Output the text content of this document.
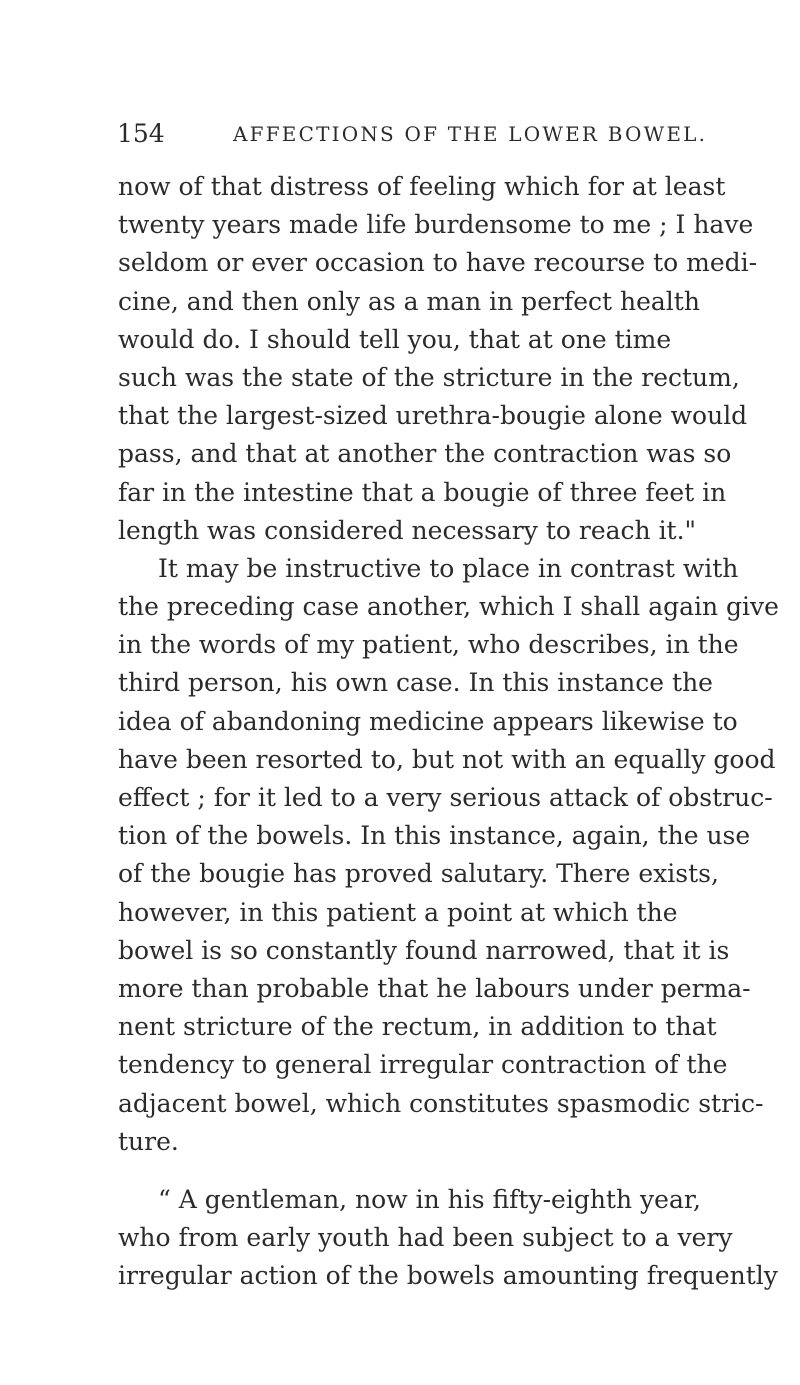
154	AFFECTIONS OF THE LOWER BOWEL.
now of that distress of feeling which for at least
twenty years made life burdensome to me ; I have
seldom or ever occasion to have recourse to medi-
cine, and then only as a man in perfect health
would do. I should tell you, that at one time
such was the state of the stricture in the rectum,
that the largest-sized urethra-bougie alone would
pass, and that at another the contraction was so
far in the intestine that a bougie of three feet in
length was considered necessary to reach it."
It may be instructive to place in contrast with
the preceding case another, which I shall again give
in the words of my patient, who describes, in the
third person, his own case. In this instance the
idea of abandoning medicine appears likewise to
have been resorted to, but not with an equally good
effect ; for it led to a very serious attack of obstruc-
tion of the bowels. In this instance, again, the use
of the bougie has proved salutary. There exists,
however, in this patient a point at which the
bowel is so constantly found narrowed, that it is
more than probable that he labours under perma-
nent stricture of the rectum, in addition to that
tendency to general irregular contraction of the
adjacent bowel, which constitutes spasmodic stric-
ture.
“ A gentleman, now in his fifty-eighth year,
who from early youth had been subject to a very
irregular action of the bowels amounting frequently
